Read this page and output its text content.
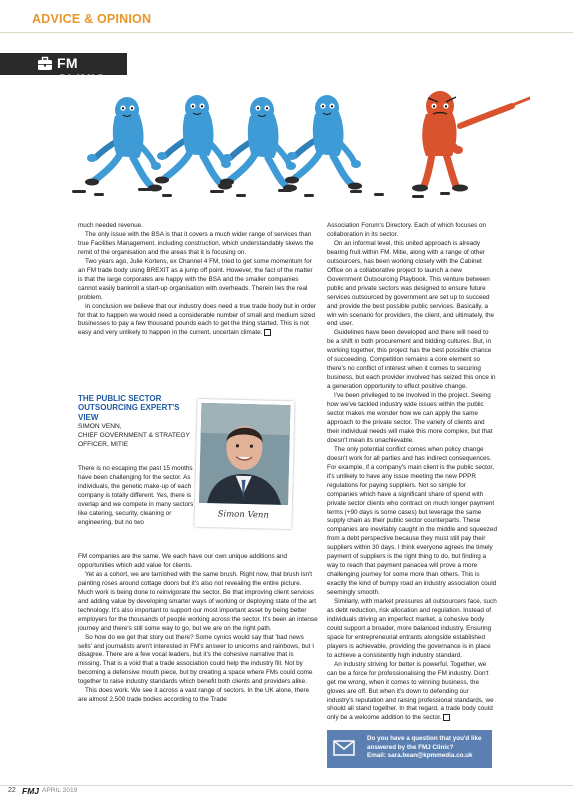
ADVICE & OPINION
FM CLINIC

much needed revenue.

The only issue with the BSA is that it covers a much wider range of services than true Facilities Management, including construction, which understandably skews the remit of the organisation and the areas that it is focusing on.

Two years ago, Julie Kortens, ex Channel 4 FM, tried to get some momentum for an FM trade body using BREXIT as a jump off point. However, the fact of the matter is that the large corporates are happy with the BSA and the smaller companies cannot easily bankroll a start-up organisation with overheads. Therein lies the real problem.

In conclusion we believe that our industry does need a true trade body but in order for that to happen we would need a considerable number of small and medium sized businesses to pay a few thousand pounds each to get the thing started. This is not easy and very unlikely to happen in the current, uncertain climate.

THE PUBLIC SECTOR OUTSOURCING EXPERT'S VIEW

SIMON VENN,

CHIEF GOVERNMENT & STRATEGY OFFICER, MITIE

Simon Venn

There is no escaping the past 15 months have been challenging for the sector. As individuals, the genetic make-up of each company is totally different. Yes, there is overlap and we compete in many sectors like catering, security, cleaning or engineering, but no two

FM companies are the same. We each have our own unique additions and opportunities which add value for clients.

Yet as a cohort, we are tarnished with the same brush. Right now, that brush isn't painting roses around cottage doors but it's also not revealing the entire picture. Much work is being done to reinvigorate the sector. Be that improving client services and adding value by developing smarter ways of working or deploying state of the art technology. It's also important to support our most important asset by being better employers for the thousands of people working across the sector. It's been an intense journey and there's still some way to go, but we are on the right path.

So how do we get that story out there? Some cynics would say that 'bad news sells' and journalists aren't interested in FM's answer to unicorns and rainbows, but I disagree. There are a few vocal leaders, but it's the cohesive narrative that is missing. That is a void that a trade association could help the industry fill. Not by becoming a defensive mouth piece, but by creating a space where FMs could come together to raise industry standards which benefit both clients and providers alike.

This does work. We see it across a vast range of sectors. In the UK alone, there are almost 2,500 trade bodies according to the Trade

Association Forum's Directory. Each of which focuses on collaboration in its sector.

On an informal level, this united approach is already bearing fruit within FM. Mitie, along with a range of other outsourcers, has been working closely with the Cabinet Office on a collaborative project to launch a new Government Outsourcing Playbook. This venture between public and private sectors was designed to ensure future services outsourced by government are set up to succeed and provide the best possible public services. Basically, a win win scenario for providers, the client, and ultimately, the end user.

Guidelines have been developed and there will need to be a shift in both procurement and bidding cultures. But, in working together, this project has the best possible chance of succeeding. Competition remains a core element so there's no conflict of interest when it comes to securing business, but each provider involved has seized this once in a generation opportunity to effect positive change.

I've been privileged to be involved in the project. Seeing how we've tackled industry wide issues within the public sector makes me wonder how we can apply the same approach to the private sector. The variety of clients and their individual needs will make this more complex, but that doesn't mean its unachievable.

The only potential conflict comes when policy change doesn't work for all parties and has indirect consequences. For example, if a company's main client is the public sector, it's unlikely to have any issue meeting the new PPPR regulations for paying suppliers. Not so simple for companies which have a significant share of spend with private sector clients who contract on much longer payment terms (+90 days is some cases) but leverage the same supply chain as their public sector counterparts. These companies are inevitably caught in the middle and squeezed from a debt perspective because they must still pay their suppliers within 30 days. I think everyone agrees the timely payment of suppliers is the right thing to do, but finding a way to reach that payment panacea will prove a more challenging journey for some more than others. This is exactly the kind of bumpy road an industry association could seemingly smooth.

Similarly, with market pressures all outsourcers face, such as debt reduction, risk allocation and regulation. Instead of individuals driving an imperfect market, a cohesive body could support a broader, more balanced industry. Ensuring space for entrepreneurial entrants alongside established players is achievable, providing the governance is in place to achieve a consistently high industry standard.

An industry striving for better is powerful. Together, we can be a force for professionalising the FM industry. Don't get me wrong, when it comes to winning business, the gloves are off. But when it's down to defending our industry's reputation and raising professional standards, we should all stand together. In that regard, a trade body could only be a welcome addition to the sector.

Do you have a question that you'd like
answered by the FMJ Clinic?
Email: sara.bean@kpmmedia.co.uk
22 FMJ APRIL 2019
